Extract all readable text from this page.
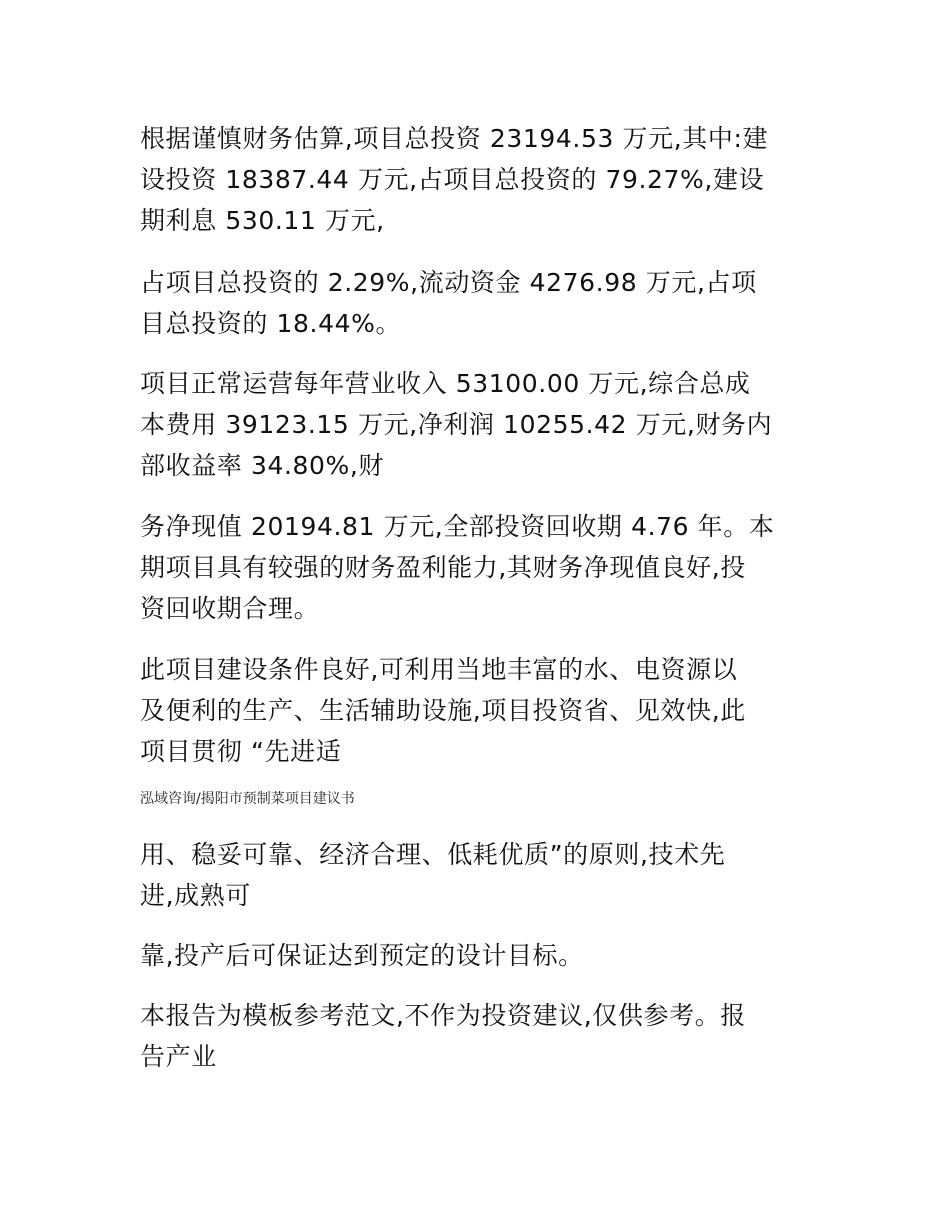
根据谨慎财务估算,项目总投资 23194.53 万元,其中:建
设投资 18387.44 万元,占项目总投资的 79.27%,建设
期利息 530.11 万元,

占项目总投资的 2.29%,流动资金 4276.98 万元,占项
目总投资的 18.44%。

项目正常运营每年营业收入 53100.00 万元,综合总成
本费用 39123.15 万元,净利润 10255.42 万元,财务内
部收益率 34.80%,财

务净现值 20194.81 万元,全部投资回收期 4.76 年。本
期项目具有较强的财务盈利能力,其财务净现值良好,投
资回收期合理。

此项目建设条件良好,可利用当地丰富的水、电资源以
及便利的生产、生活辅助设施,项目投资省、见效快,此
项目贯彻 “先进适

泓域咨询/揭阳市预制菜项目建议书

用、稳妥可靠、经济合理、低耗优质”的原则,技术先
进,成熟可

靠,投产后可保证达到预定的设计目标。

本报告为模板参考范文,不作为投资建议,仅供参考。报
告产业
